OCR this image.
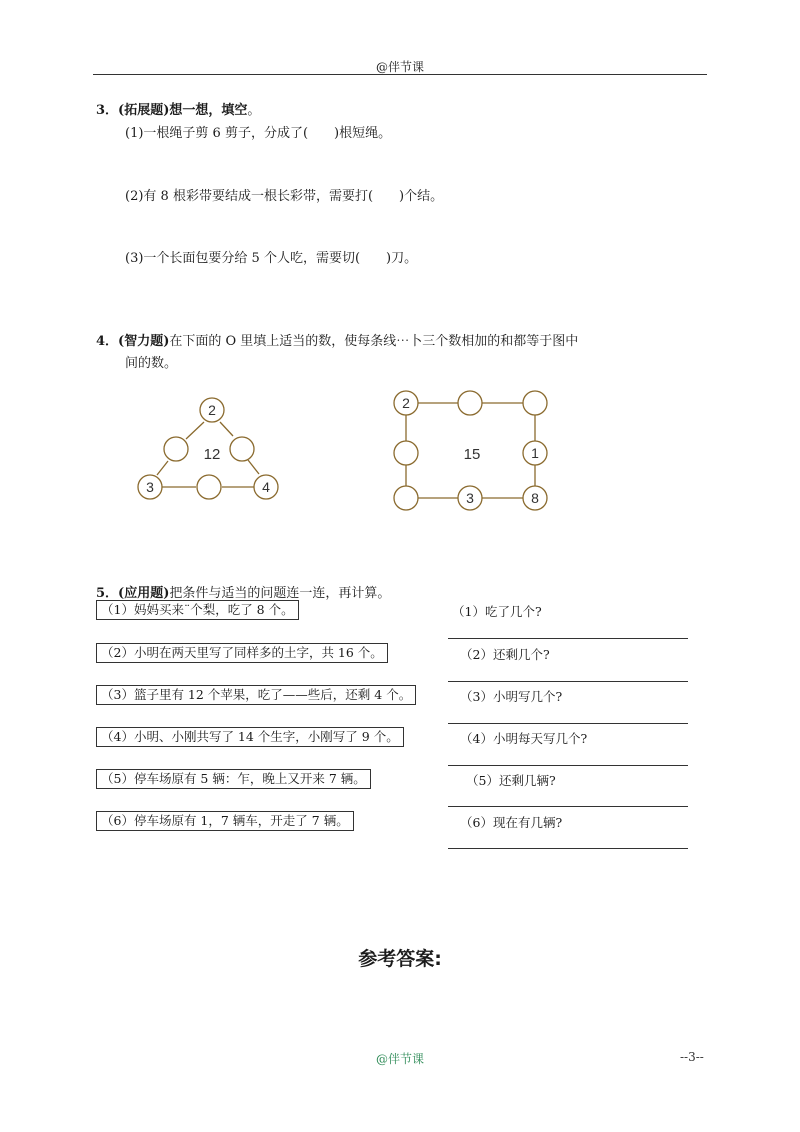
@伴节课
3．(拓展题)想一想，填空。
(1)一根绳子剪 6 剪子，分成了(　　)根短绳。
(2)有 8 根彩带要结成一根长彩带，需要打(　　)个结。
(3)一个长面包要分给 5 个人吃，需要切(　　)刀。
4．(智力题)在下面的 O 里填上适当的数，使每条线⋯卜三个数相加的和都等于图中
间的数。
2
3	4
12
2
1
3	8
15
5．(应用题)把条件与适当的问题连一连，再计算。
（1）妈妈买来¨个梨，吃了 8 个。
（2）小明在两天里写了同样多的土字，共 16 个。
（3）篮子里有 12 个苹果，吃了——些后，还剩 4 个。
（4）小明、小刚共写了 14 个生字，小刚写了 9 个。
（5）停车场原有 5 辆：乍，晚上又开来 7 辆。
（6）停车场原有 1，7 辆车，开走了 7 辆。
（1）吃了几个?
（2）还剩几个?
（3）小明写几个?
（4）小明每天写几个?
（5）还剩几辆?
（6）现在有几辆?
参考答案:
@伴节课	--3--
